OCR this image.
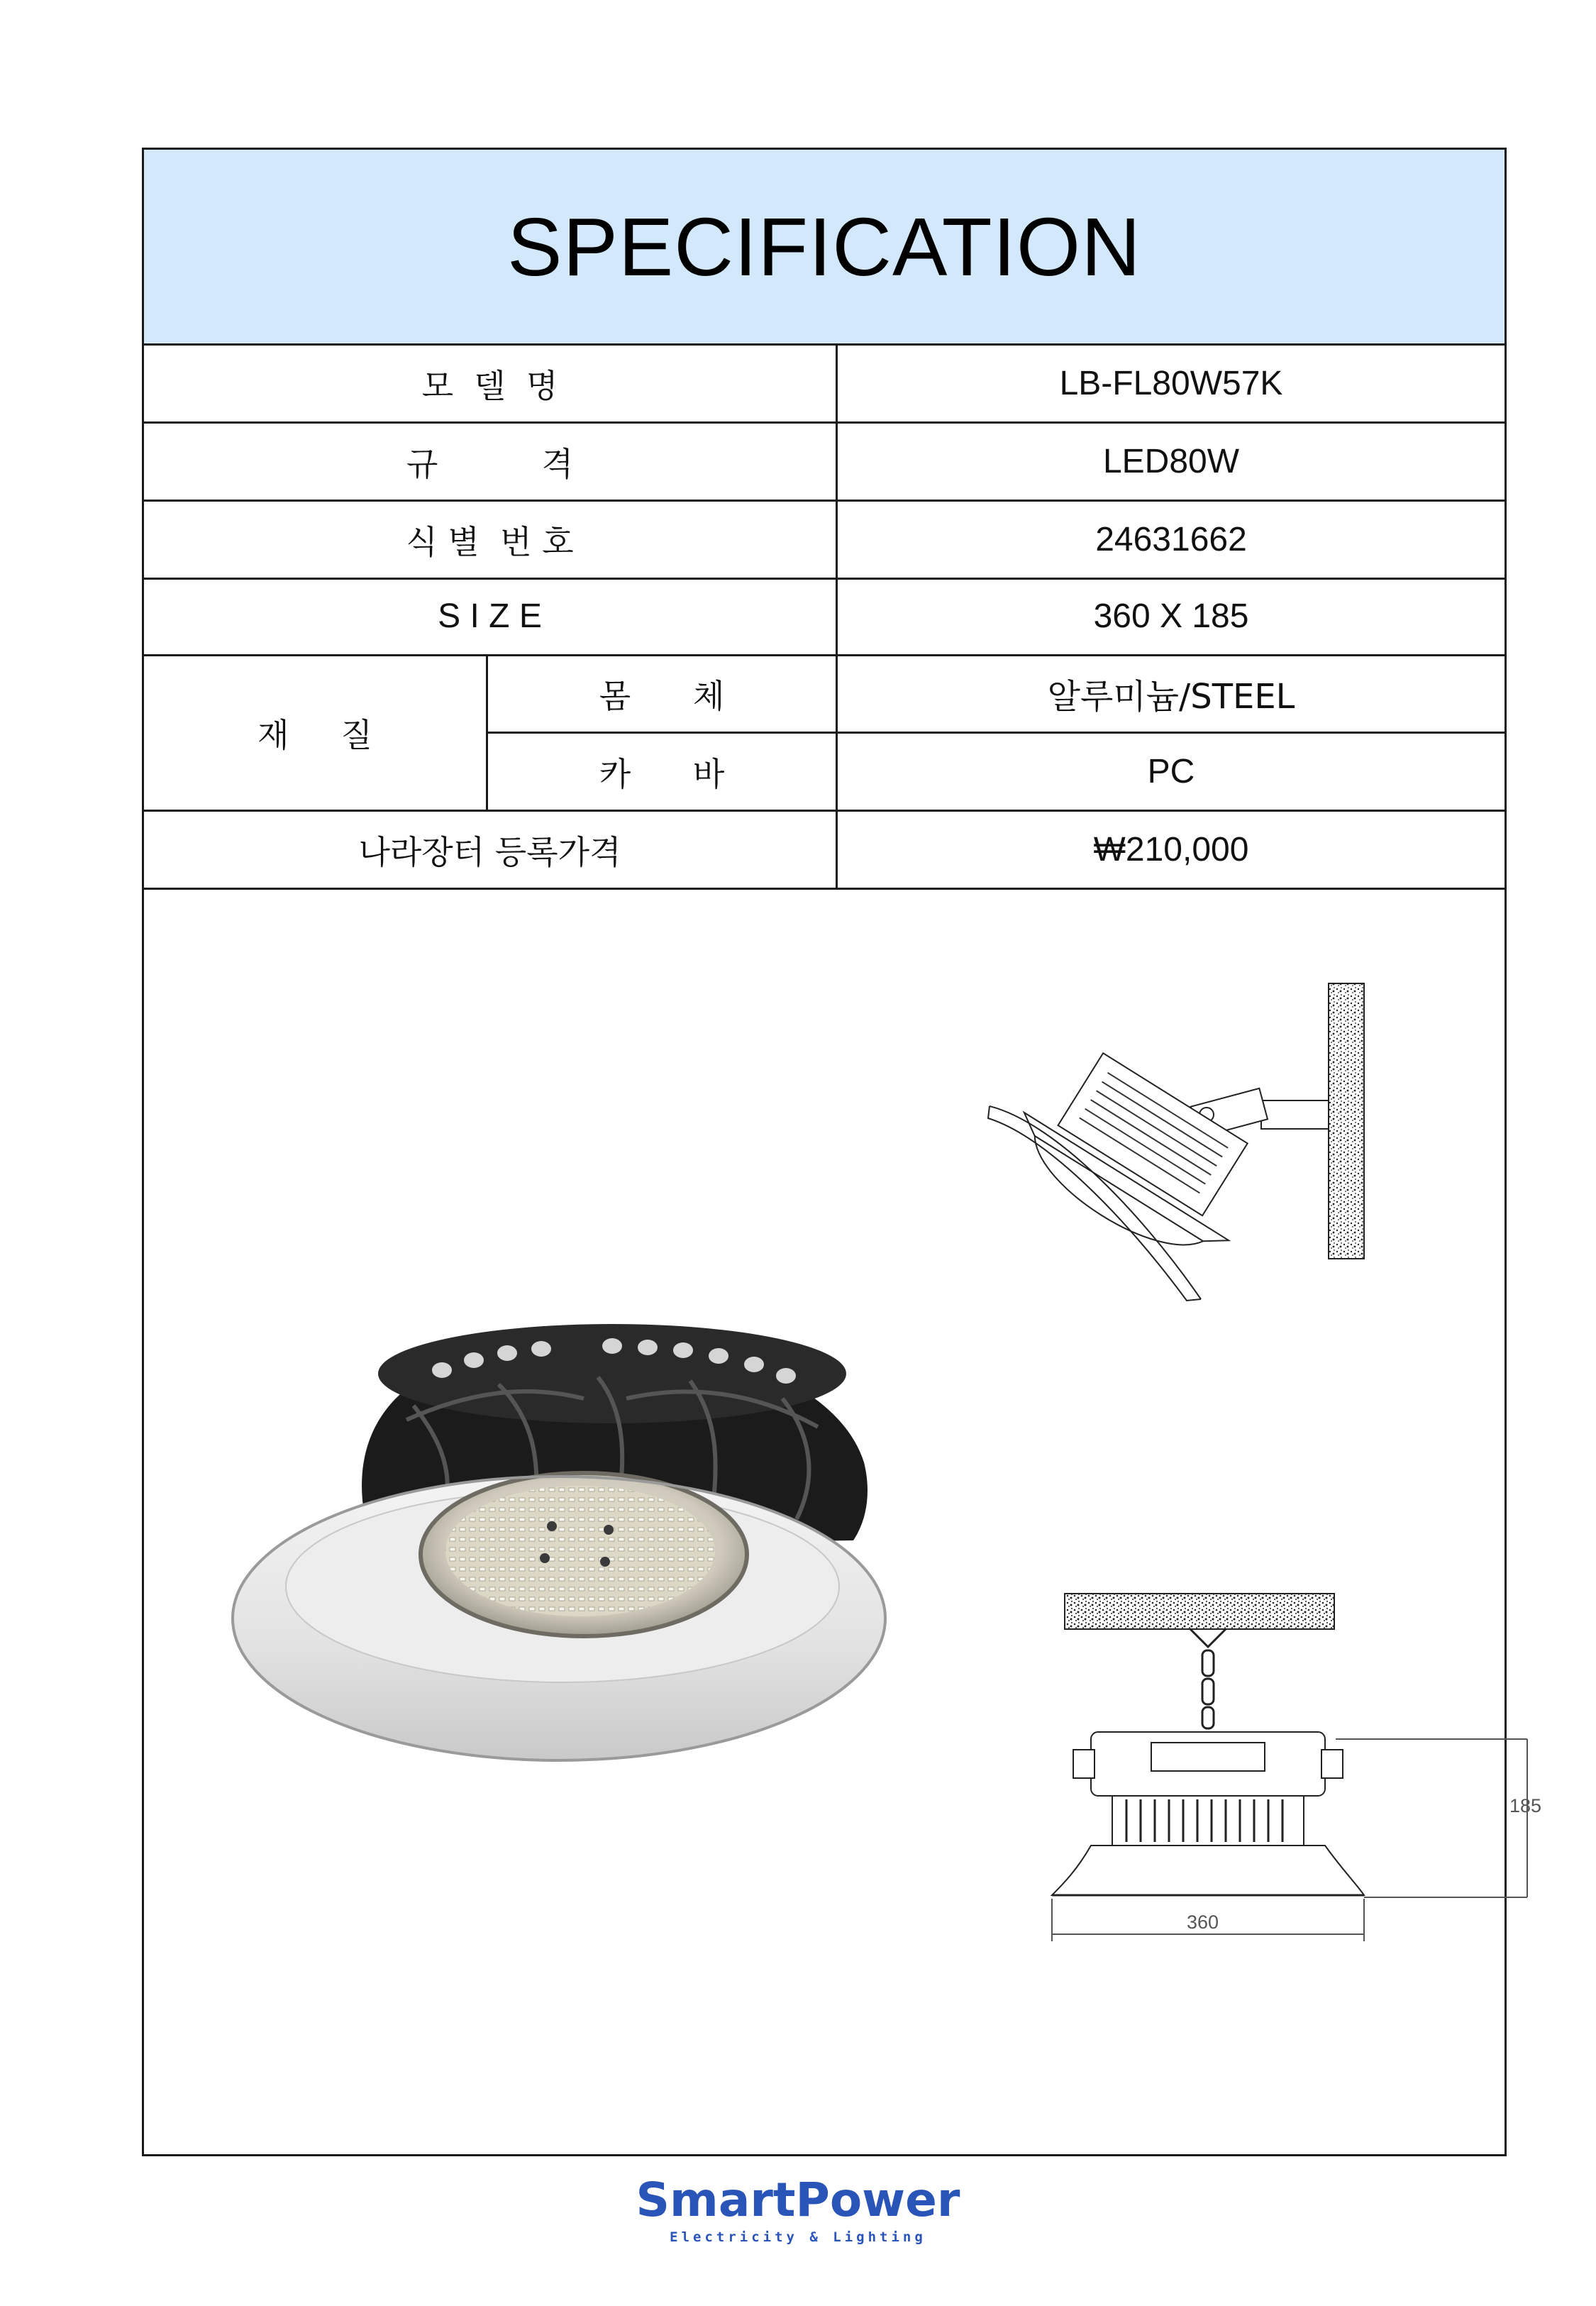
SPECIFICATION
모  델  명	LB-FL80W57K
규          격	LED80W
식 별  번 호	24631662
S I Z E	360 X 185
재     질
몸      체	알루미늄/STEEL
카      바	PC
나라장터 등록가격	₩210,000
185
360
SmartPower
Electricity & Lighting
